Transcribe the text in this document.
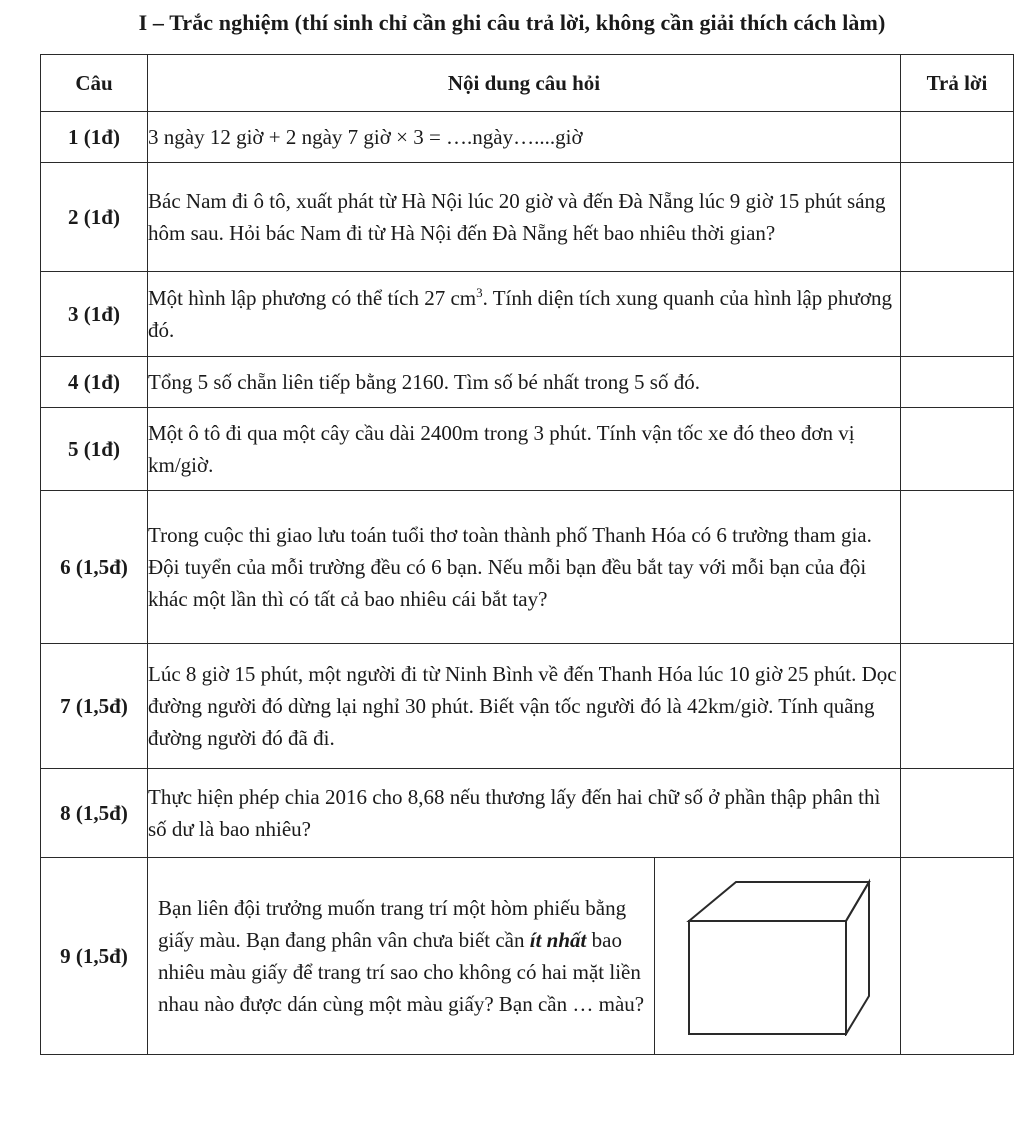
I – Trắc nghiệm (thí sinh chỉ cần ghi câu trả lời, không cần giải thích cách làm)
Câu	Nội dung câu hỏi	Trả lời
1 (1đ)	3 ngày 12 giờ + 2 ngày 7 giờ × 3 = ….ngày…....giờ	
2 (1đ)	Bác Nam đi ô tô, xuất phát từ Hà Nội lúc 20 giờ và đến Đà Nẵng lúc 9 giờ 15 phút sáng hôm sau. Hỏi bác Nam đi từ Hà Nội đến Đà Nẵng hết bao nhiêu thời gian?	
3 (1đ)	Một hình lập phương có thể tích 27 $cm^3$. Tính diện tích xung quanh của hình lập phương đó.	
4 (1đ)	Tổng 5 số chẵn liên tiếp bằng 2160. Tìm số bé nhất trong 5 số đó.	
5 (1đ)	Một ô tô đi qua một cây cầu dài 2400m trong 3 phút. Tính vận tốc xe đó theo đơn vị km/giờ.	
6 (1,5đ)	Trong cuộc thi giao lưu toán tuổi thơ toàn thành phố Thanh Hóa có 6 trường tham gia. Đội tuyển của mỗi trường đều có 6 bạn. Nếu mỗi bạn đều bắt tay với mỗi bạn của đội khác một lần thì có tất cả bao nhiêu cái bắt tay?	
7 (1,5đ)	Lúc 8 giờ 15 phút, một người đi từ Ninh Bình về đến Thanh Hóa lúc 10 giờ 25 phút. Dọc đường người đó dừng lại nghỉ 30 phút. Biết vận tốc người đó là 42km/giờ. Tính quãng đường người đó đã đi.	
8 (1,5đ)	Thực hiện phép chia 2016 cho 8,68 nếu thương lấy đến hai chữ số ở phần thập phân thì số dư là bao nhiêu?	
9 (1,5đ)	Bạn liên đội trưởng muốn trang trí một hòm phiếu bằng giấy màu. Bạn đang phân vân chưa biết cần ít nhất bao nhiêu màu giấy để trang trí sao cho không có hai mặt liền nhau nào được dán cùng một màu giấy? Bạn cần … màu?	
